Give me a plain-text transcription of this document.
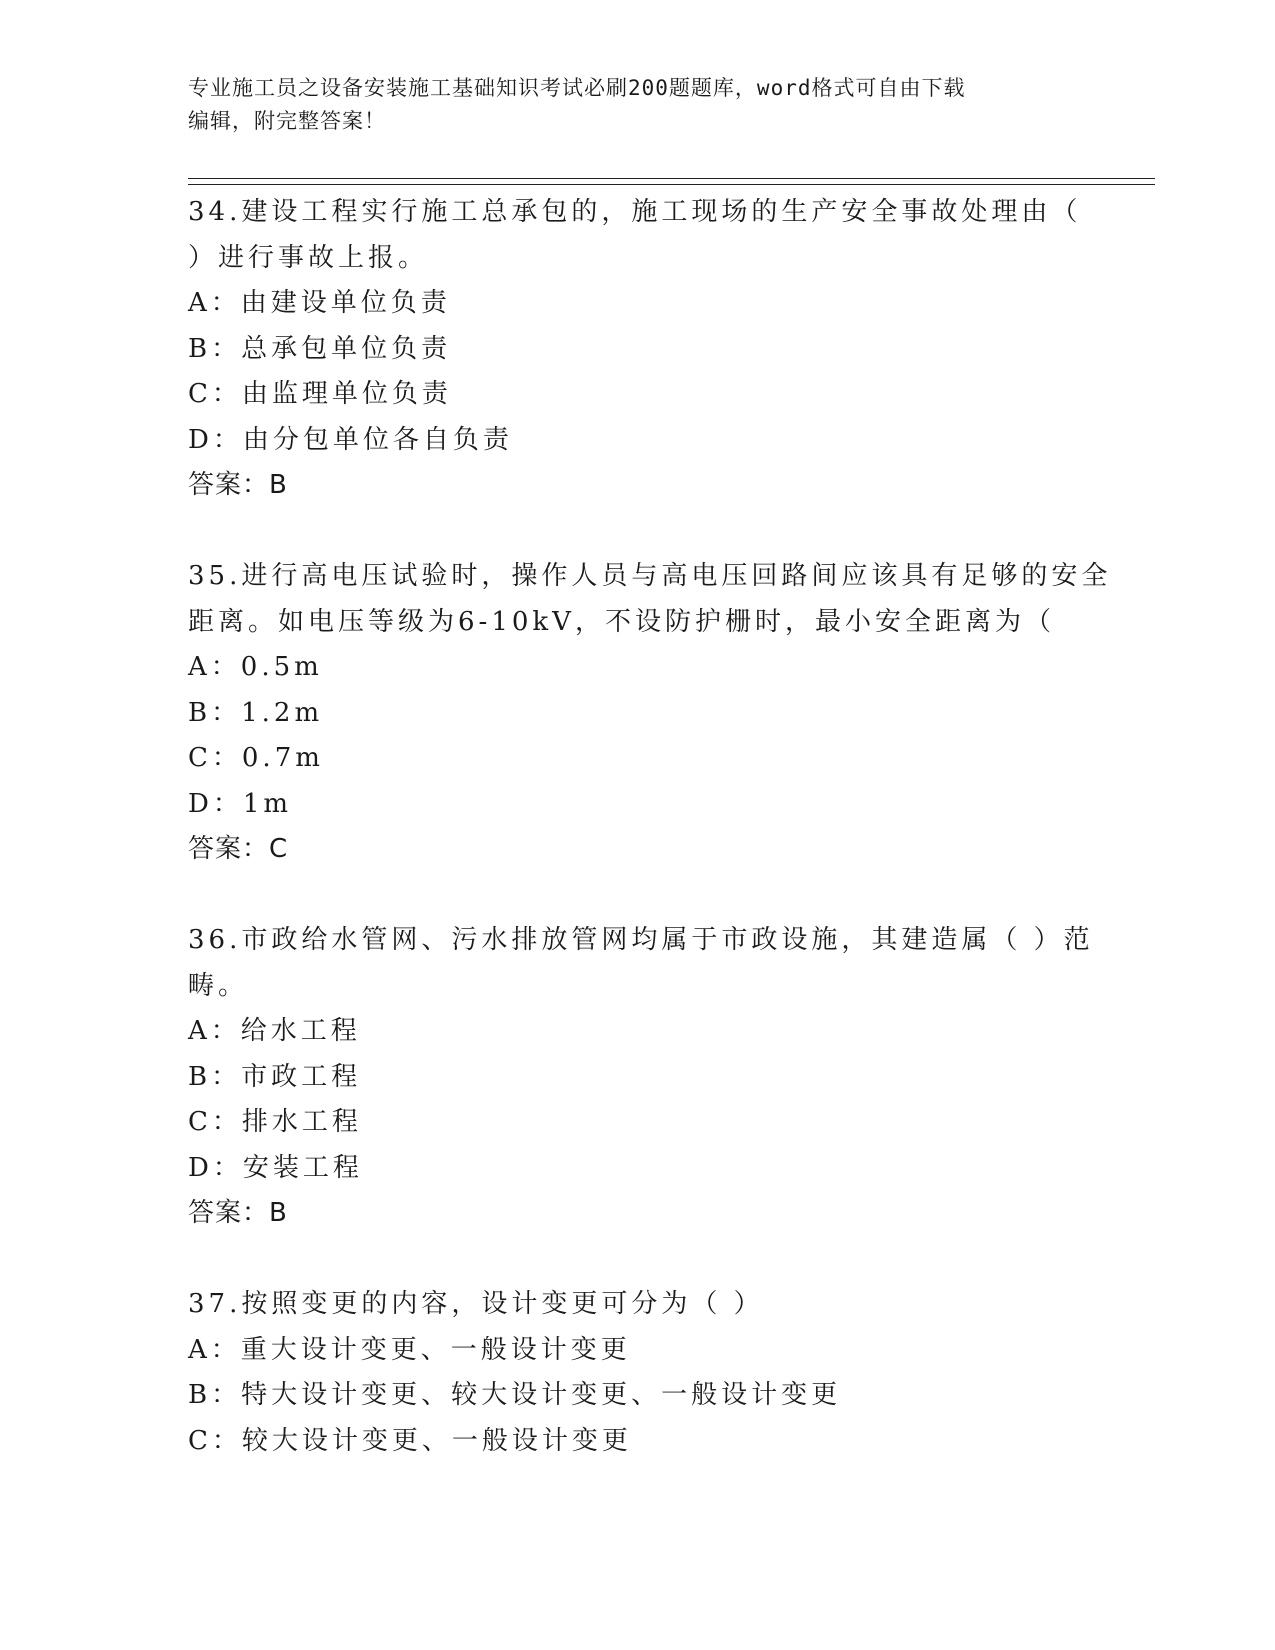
专业施工员之设备安装施工基础知识考试必刷200题题库，word格式可自由下载
编辑，附完整答案！
34.建设工程实行施工总承包的，施工现场的生产安全事故处理由（
）进行事故上报。
A：由建设单位负责
B：总承包单位负责
C：由监理单位负责
D：由分包单位各自负责
答案：B
35.进行高电压试验时，操作人员与高电压回路间应该具有足够的安全
距离。如电压等级为6-10kV，不设防护栅时，最小安全距离为（
A：0.5m
B：1.2m
C：0.7m
D：1m
答案：C
36.市政给水管网、污水排放管网均属于市政设施，其建造属（ ）范
畴。
A：给水工程
B：市政工程
C：排水工程
D：安装工程
答案：B
37.按照变更的内容，设计变更可分为（ ）
A：重大设计变更、一般设计变更
B：特大设计变更、较大设计变更、一般设计变更
C：较大设计变更、一般设计变更
